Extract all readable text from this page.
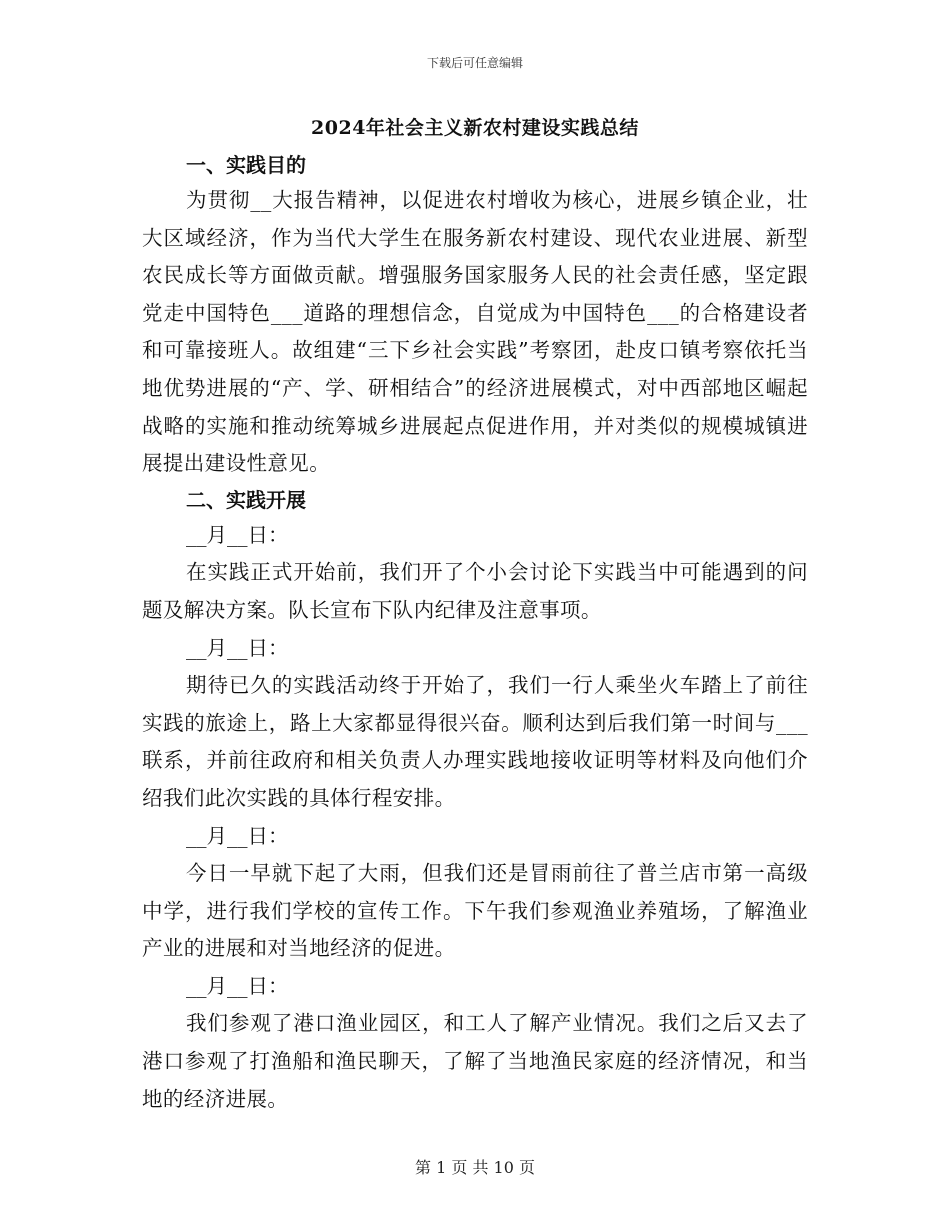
下载后可任意编辑
2024年社会主义新农村建设实践总结
一、实践目的

为贯彻__大报告精神，以促进农村增收为核心，进展乡镇企业，壮大区域经济，作为当代大学生在服务新农村建设、现代农业进展、新型农民成长等方面做贡献。增强服务国家服务人民的社会责任感，坚定跟党走中国特色___道路的理想信念，自觉成为中国特色___的合格建设者和可靠接班人。故组建“三下乡社会实践”考察团，赴皮口镇考察依托当地优势进展的“产、学、研相结合”的经济进展模式，对中西部地区崛起战略的实施和推动统筹城乡进展起点促进作用，并对类似的规模城镇进展提出建设性意见。

二、实践开展
__月__日：

在实践正式开始前，我们开了个小会讨论下实践当中可能遇到的问题及解决方案。队长宣布下队内纪律及注意事项。

__月__日：

期待已久的实践活动终于开始了，我们一行人乘坐火车踏上了前往实践的旅途上，路上大家都显得很兴奋。顺利达到后我们第一时间与___联系，并前往政府和相关负责人办理实践地接收证明等材料及向他们介绍我们此次实践的具体行程安排。

__月__日：

今日一早就下起了大雨，但我们还是冒雨前往了普兰店市第一高级中学，进行我们学校的宣传工作。下午我们参观渔业养殖场，了解渔业产业的进展和对当地经济的促进。

__月__日：

我们参观了港口渔业园区，和工人了解产业情况。我们之后又去了港口参观了打渔船和渔民聊天，了解了当地渔民家庭的经济情况，和当地的经济进展。

第 1 页 共 10 页
